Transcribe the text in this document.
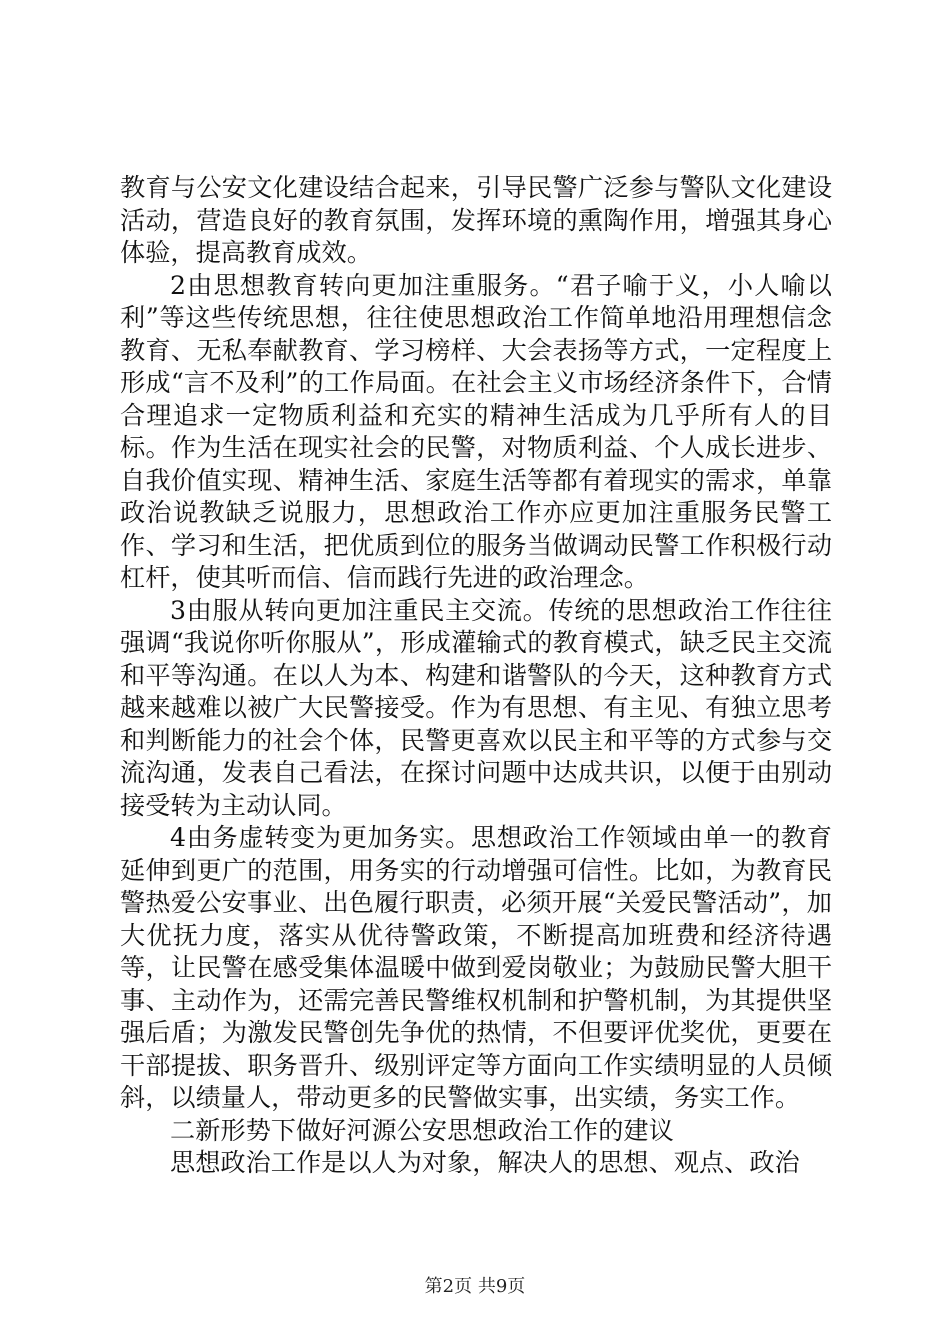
教育与公安文化建设结合起来，引导民警广泛参与警队文化建设活动，营造良好的教育氛围，发挥环境的熏陶作用，增强其身心体验，提高教育成效。

2由思想教育转向更加注重服务。“君子喻于义，小人喻以利”等这些传统思想，往往使思想政治工作简单地沿用理想信念教育、无私奉献教育、学习榜样、大会表扬等方式，一定程度上形成“言不及利”的工作局面。在社会主义市场经济条件下，合情合理追求一定物质利益和充实的精神生活成为几乎所有人的目标。作为生活在现实社会的民警，对物质利益、个人成长进步、自我价值实现、精神生活、家庭生活等都有着现实的需求，单靠政治说教缺乏说服力，思想政治工作亦应更加注重服务民警工作、学习和生活，把优质到位的服务当做调动民警工作积极行动杠杆，使其听而信、信而践行先进的政治理念。

3由服从转向更加注重民主交流。传统的思想政治工作往往强调“我说你听你服从”，形成灌输式的教育模式，缺乏民主交流和平等沟通。在以人为本、构建和谐警队的今天，这种教育方式越来越难以被广大民警接受。作为有思想、有主见、有独立思考和判断能力的社会个体，民警更喜欢以民主和平等的方式参与交流沟通，发表自己看法，在探讨问题中达成共识，以便于由别动接受转为主动认同。

4由务虚转变为更加务实。思想政治工作领域由单一的教育延伸到更广的范围，用务实的行动增强可信性。比如，为教育民警热爱公安事业、出色履行职责，必须开展“关爱民警活动”，加大优抚力度，落实从优待警政策，不断提高加班费和经济待遇等，让民警在感受集体温暖中做到爱岗敬业；为鼓励民警大胆干事、主动作为，还需完善民警维权机制和护警机制，为其提供坚强后盾；为激发民警创先争优的热情，不但要评优奖优，更要在干部提拔、职务晋升、级别评定等方面向工作实绩明显的人员倾斜，以绩量人，带动更多的民警做实事，出实绩，务实工作。

二新形势下做好河源公安思想政治工作的建议

思想政治工作是以人为对象，解决人的思想、观点、政治

第2页 共9页
